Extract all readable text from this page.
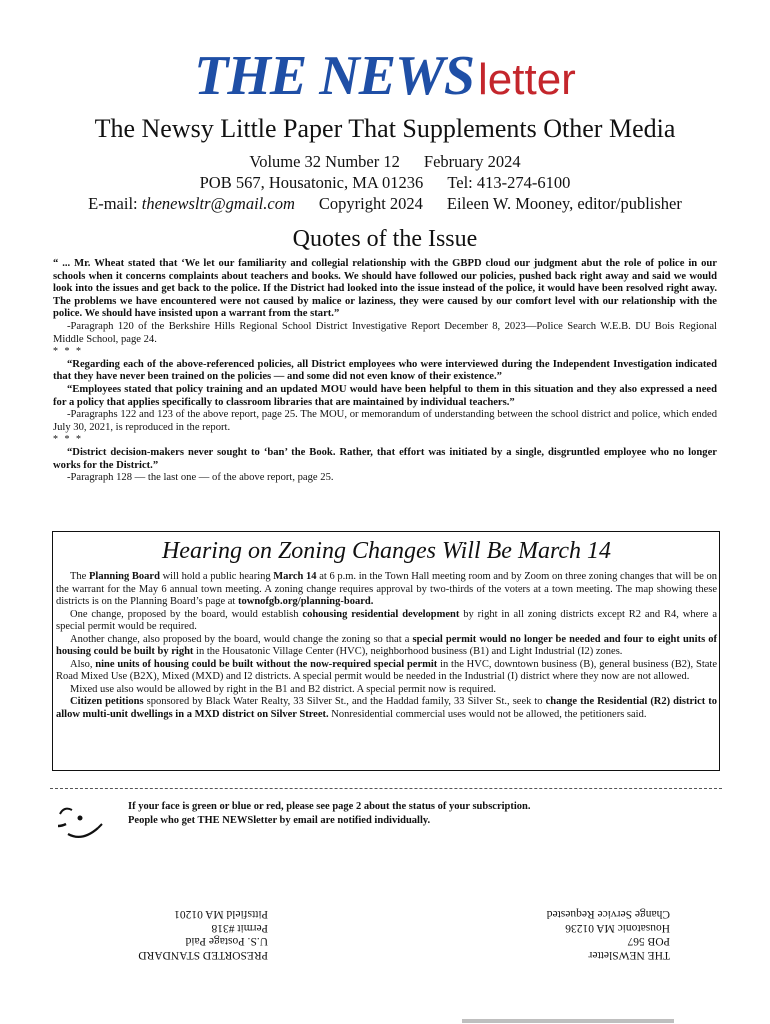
THE NEWSletter
The Newsy Little Paper That Supplements Other Media
Volume 32 Number 12 February 2024
POB 567, Housatonic, MA 01236 Tel: 413-274-6100
E-mail: thenewsltr@gmail.com Copyright 2024 Eileen W. Mooney, editor/publisher
Quotes of the Issue

“ ... Mr. Wheat stated that ‘We let our familiarity and collegial relationship with the GBPD cloud our judgment abut the role of police in our schools when it concerns complaints about teachers and books. We should have followed our policies, pushed back right away and said we would look into the issues and get back to the police. If the District had looked into the issue instead of the police, it would have been resolved right away. The problems we have encountered were not caused by malice or laziness, they were caused by our comfort level with our relationship with the police. We should have insisted upon a warrant from the start.”

-Paragraph 120 of the Berkshire Hills Regional School District Investigative Report December 8, 2023—Police Search W.E.B. DU Bois Regional Middle School, page 24.

* * *

“Regarding each of the above-referenced policies, all District employees who were interviewed during the Independent Investigation indicated that they have never been trained on the policies — and some did not even know of their existence.”

“Employees stated that policy training and an updated MOU would have been helpful to them in this situation and they also expressed a need for a policy that applies specifically to classroom libraries that are maintained by individual teachers.”

-Paragraphs 122 and 123 of the above report, page 25. The MOU, or memorandum of understanding between the school district and police, which ended July 30, 2021, is reproduced in the report.

* * *

“District decision-makers never sought to ‘ban’ the Book. Rather, that effort was initiated by a single, disgruntled employee who no longer works for the District.”

-Paragraph 128 — the last one — of the above report, page 25.

Hearing on Zoning Changes Will Be March 14

The Planning Board will hold a public hearing March 14 at 6 p.m. in the Town Hall meeting room and by Zoom on three zoning changes that will be on the warrant for the May 6 annual town meeting. A zoning change requires approval by two-thirds of the voters at a town meeting. The map showing these districts is on the Planning Board’s page at townofgb.org/planning-board.

One change, proposed by the board, would establish cohousing residential development by right in all zoning districts except R2 and R4, where a special permit would be required.

Another change, also proposed by the board, would change the zoning so that a special permit would no longer be needed and four to eight units of housing could be built by right in the Housatonic Village Center (HVC), neighborhood business (B1) and Light Industrial (I2) zones.

Also, nine units of housing could be built without the now-required special permit in the HVC, downtown business (B), general business (B2), State Road Mixed Use (B2X), Mixed (MXD) and I2 districts. A special permit would be needed in the Industrial (I) district where they now are not allowed.

Mixed use also would be allowed by right in the B1 and B2 district. A special permit now is required.

Citizen petitions sponsored by Black Water Realty, 33 Silver St., and the Haddad family, 33 Silver St., seek to change the Residential (R2) district to allow multi-unit dwellings in a MXD district on Silver Street. Nonresidential commercial uses would not be allowed, the petitioners said.

If your face is green or blue or red, please see page 2 about the status of your subscription.
People who get THE NEWSletter by email are notified individually.
PRESORTED STANDARD
U.S. Postage Paid
Permit #318
Pittsfield MA 01201
THE NEWSletter
POB 567
Housatonic MA 01236
Change Service Requested
